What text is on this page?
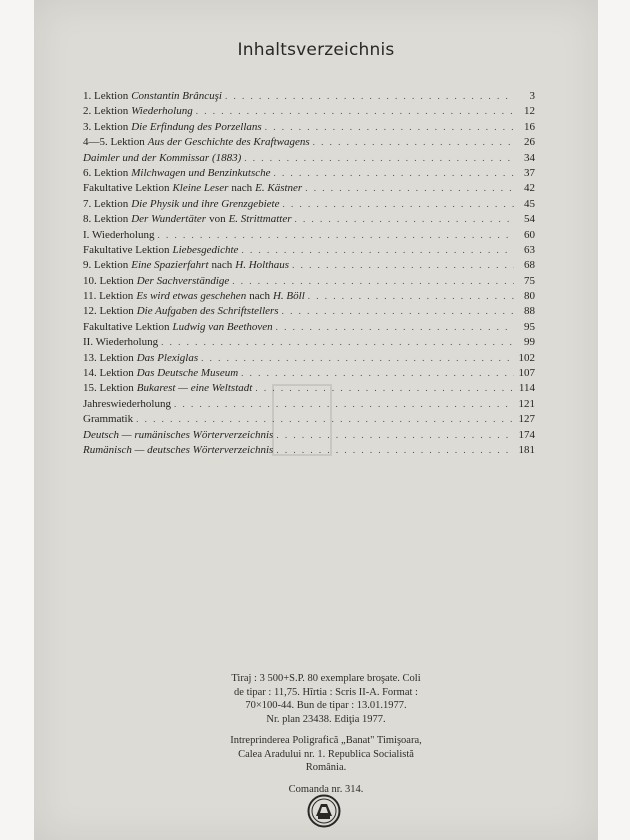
Inhaltsverzeichnis
1. Lektion Constantin Brâncuşi . . .	3
2. Lektion Wiederholung . . .	12
3. Lektion Die Erfindung des Porzellans . . .	16
4—5. Lektion Aus der Geschichte des Kraftwagens . . .	26
Daimler und der Kommissar (1883) . . .	34
6. Lektion Milchwagen und Benzinkutsche . . .	37
Fakultative Lektion Kleine Leser nach E. Kästner . . .	42
7. Lektion Die Physik und ihre Grenzgebiete . . .	45
8. Lektion Der Wundertäter von E. Strittmatter . . .	54
I. Wiederholung . . .	60
Fakultative Lektion Liebesgedichte . . .	63
9. Lektion Eine Spazierfahrt nach H. Holthaus . . .	68
10. Lektion Der Sachverständige . . .	75
11. Lektion Es wird etwas geschehen nach H. Böll . . .	80
12. Lektion Die Aufgaben des Schriftstellers . . .	88
Fakultative Lektion Ludwig van Beethoven . . .	95
II. Wiederholung . . .	99
13. Lektion Das Plexiglas . . .	102
14. Lektion Das Deutsche Museum . . .	107
15. Lektion Bukarest — eine Weltstadt . . .	114
Jahreswiederholung . . .	121
Grammatik . . .	127
Deutsch — rumänisches Wörterverzeichnis . . .	174
Rumänisch — deutsches Wörterverzeichnis . . .	181
Tiraj : 3 500+S.P. 80 exemplare broşate. Coli
de tipar : 11,75. Hîrtia : Scris II-A. Format :
70×100-44. Bun de tipar : 13.01.1977.
Nr. plan 23438. Ediţia 1977.
Intreprinderea Poligrafică „Banat" Timişoara,
Calea Aradului nr. 1. Republica Socialistă
România.
Comanda nr. 314.
